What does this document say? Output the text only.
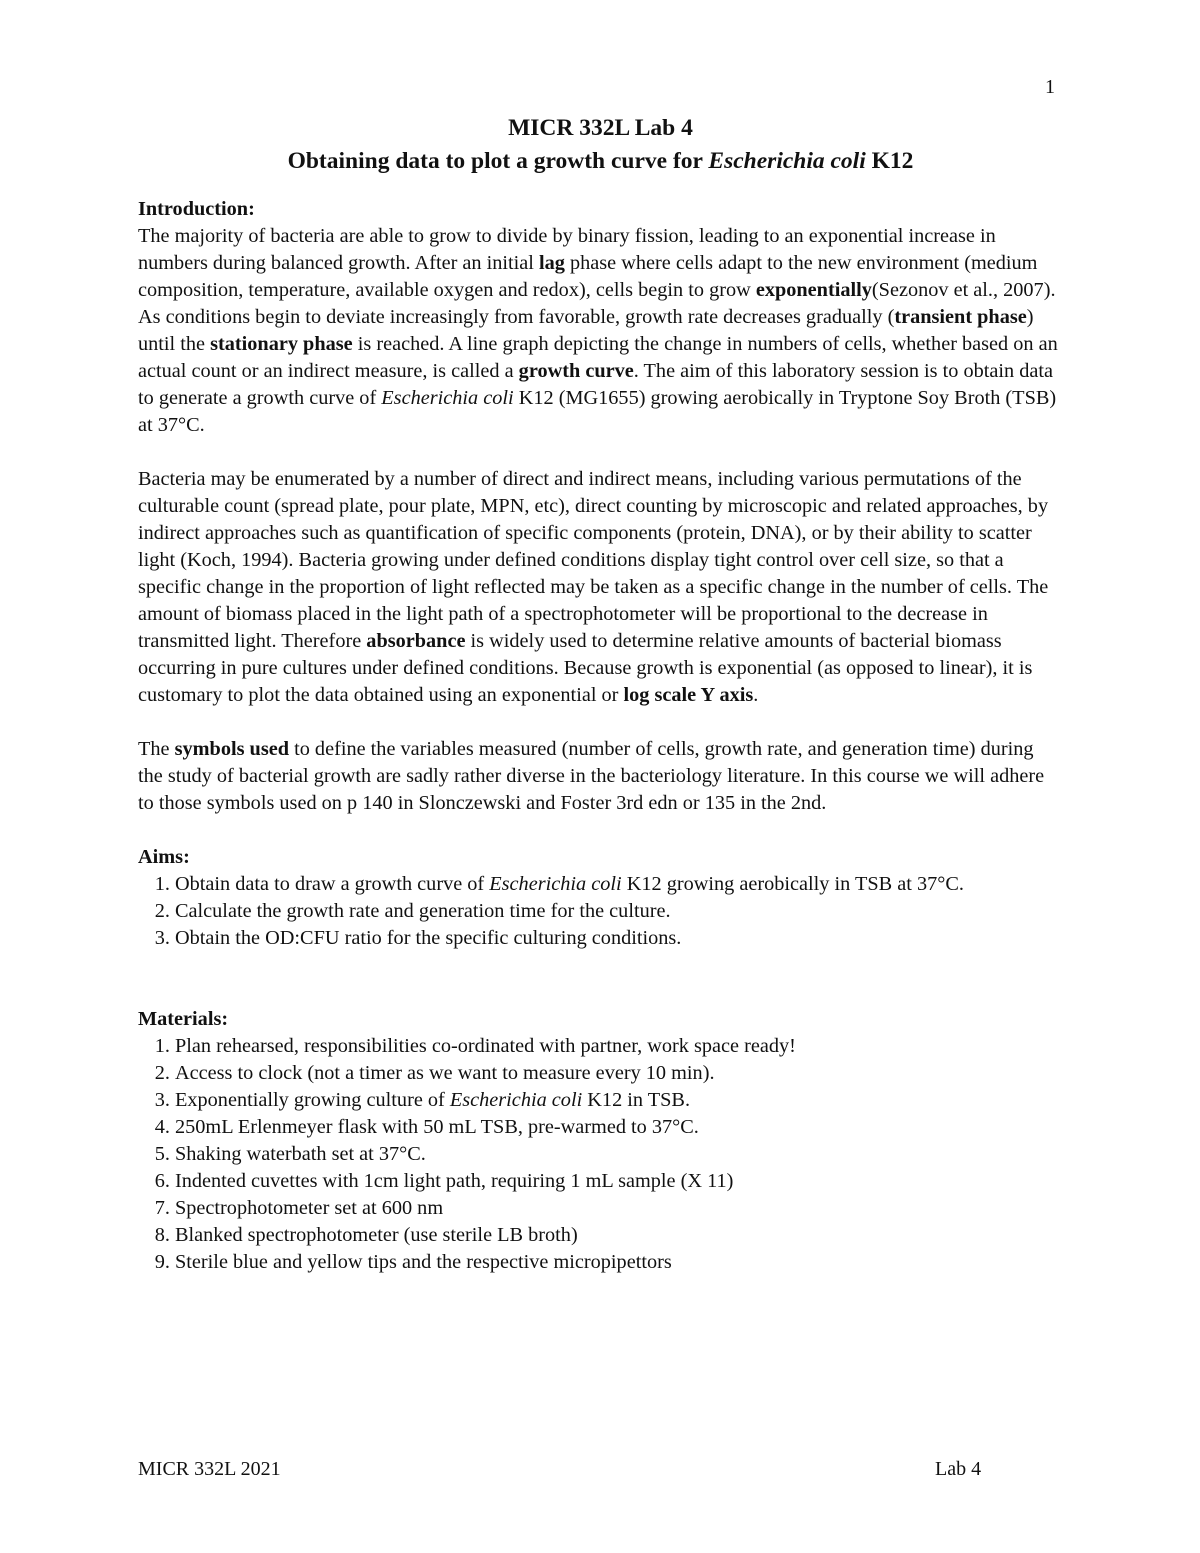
1

MICR 332L Lab 4

Obtaining data to plot a growth curve for Escherichia coli K12

Introduction:

The majority of bacteria are able to grow to divide by binary fission, leading to an exponential increase in numbers during balanced growth. After an initial lag phase where cells adapt to the new environment (medium composition, temperature, available oxygen and redox), cells begin to grow exponentially(Sezonov et al., 2007). As conditions begin to deviate increasingly from favorable, growth rate decreases gradually (transient phase) until the stationary phase is reached. A line graph depicting the change in numbers of cells, whether based on an actual count or an indirect measure, is called a growth curve. The aim of this laboratory session is to obtain data to generate a growth curve of Escherichia coli K12 (MG1655) growing aerobically in Tryptone Soy Broth (TSB) at 37°C.

Bacteria may be enumerated by a number of direct and indirect means, including various permutations of the culturable count (spread plate, pour plate, MPN, etc), direct counting by microscopic and related approaches, by indirect approaches such as quantification of specific components (protein, DNA), or by their ability to scatter light (Koch, 1994). Bacteria growing under defined conditions display tight control over cell size, so that a specific change in the proportion of light reflected may be taken as a specific change in the number of cells. The amount of biomass placed in the light path of a spectrophotometer will be proportional to the decrease in transmitted light. Therefore absorbance is widely used to determine relative amounts of bacterial biomass occurring in pure cultures under defined conditions. Because growth is exponential (as opposed to linear), it is customary to plot the data obtained using an exponential or log scale Y axis.

The symbols used to define the variables measured (number of cells, growth rate, and generation time) during the study of bacterial growth are sadly rather diverse in the bacteriology literature. In this course we will adhere to those symbols used on p 140 in Slonczewski and Foster 3rd edn or 135 in the 2nd.

Aims:

1. Obtain data to draw a growth curve of Escherichia coli K12 growing aerobically in TSB at 37°C.
2. Calculate the growth rate and generation time for the culture.
3. Obtain the OD:CFU ratio for the specific culturing conditions.

Materials:

1. Plan rehearsed, responsibilities co-ordinated with partner, work space ready!
2. Access to clock (not a timer as we want to measure every 10 min).
3. Exponentially growing culture of Escherichia coli K12 in TSB.
4. 250mL Erlenmeyer flask with 50 mL TSB, pre-warmed to 37°C.
5. Shaking waterbath set at 37°C.
6. Indented cuvettes with 1cm light path, requiring 1 mL sample (X 11)
7. Spectrophotometer set at 600 nm
8. Blanked spectrophotometer (use sterile LB broth)
9. Sterile blue and yellow tips and the respective micropipettors
MICR 332L 2021	Lab 4
